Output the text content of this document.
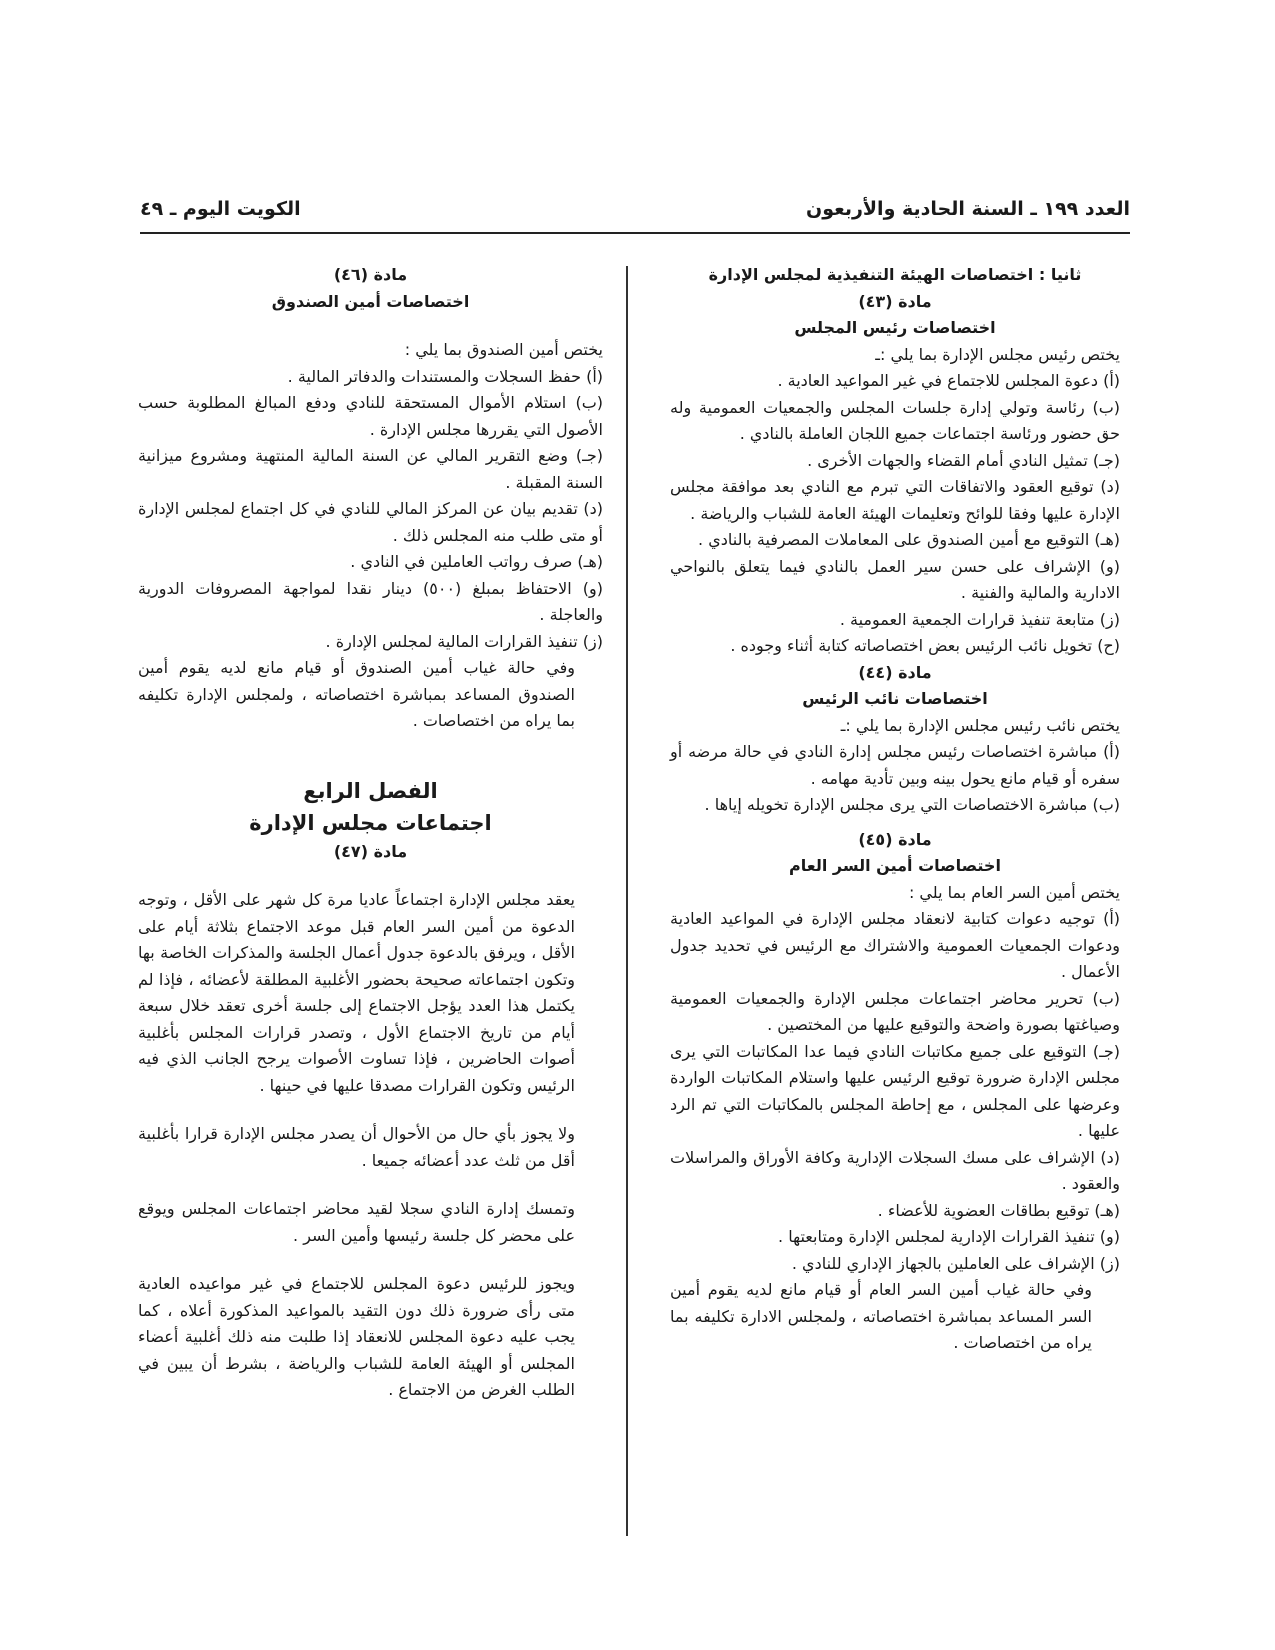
العدد ١٩٩ ـ السنة الحادية والأربعون
الكويت اليوم ـ ٤٩

ثانيا : اختصاصات الهيئة التنفيذية لمجلس الإدارة

مادة (٤٣)

اختصاصات رئيس المجلس

يختص رئيس مجلس الإدارة بما يلي :ـ

(أ) دعوة المجلس للاجتماع في غير المواعيد العادية .

(ب) رئاسة وتولي إدارة جلسات المجلس والجمعيات العمومية وله حق حضور ورئاسة اجتماعات جميع اللجان العاملة بالنادي .

(جـ) تمثيل النادي أمام القضاء والجهات الأخرى .

(د) توقيع العقود والاتفاقات التي تبرم مع النادي بعد موافقة مجلس الإدارة عليها وفقا للوائح وتعليمات الهيئة العامة للشباب والرياضة .

(هـ) التوقيع مع أمين الصندوق على المعاملات المصرفية بالنادي .

(و) الإشراف على حسن سير العمل بالنادي فيما يتعلق بالنواحي الادارية والمالية والفنية .

(ز) متابعة تنفيذ قرارات الجمعية العمومية .

(ح) تخويل نائب الرئيس بعض اختصاصاته كتابة أثناء وجوده .

مادة (٤٤)

اختصاصات نائب الرئيس

يختص نائب رئيس مجلس الإدارة بما يلي :ـ

(أ) مباشرة اختصاصات رئيس مجلس إدارة النادي في حالة مرضه أو سفره أو قيام مانع يحول بينه وبين تأدية مهامه .

(ب) مباشرة الاختصاصات التي يرى مجلس الإدارة تخويله إياها .

مادة (٤٥)

اختصاصات أمين السر العام

يختص أمين السر العام بما يلي :

(أ) توجيه دعوات كتابية لانعقاد مجلس الإدارة في المواعيد العادية ودعوات الجمعيات العمومية والاشتراك مع الرئيس في تحديد جدول الأعمال .

(ب) تحرير محاضر اجتماعات مجلس الإدارة والجمعيات العمومية وصياغتها بصورة واضحة والتوقيع عليها من المختصين .

(جـ) التوقيع على جميع مكاتبات النادي فيما عدا المكاتبات التي يرى مجلس الإدارة ضرورة توقيع الرئيس عليها واستلام المكاتبات الواردة وعرضها على المجلس ، مع إحاطة المجلس بالمكاتبات التي تم الرد عليها .

(د) الإشراف على مسك السجلات الإدارية وكافة الأوراق والمراسلات والعقود .

(هـ) توقيع بطاقات العضوية للأعضاء .

(و) تنفيذ القرارات الإدارية لمجلس الإدارة ومتابعتها .

(ز) الإشراف على العاملين بالجهاز الإداري للنادي .

وفي حالة غياب أمين السر العام أو قيام مانع لديه يقوم أمين السر المساعد بمباشرة اختصاصاته ، ولمجلس الادارة تكليفه بما يراه من اختصاصات .

مادة (٤٦)

اختصاصات أمين الصندوق

يختص أمين الصندوق بما يلي :

(أ) حفظ السجلات والمستندات والدفاتر المالية .

(ب) استلام الأموال المستحقة للنادي ودفع المبالغ المطلوبة حسب الأصول التي يقررها مجلس الإدارة .

(جـ) وضع التقرير المالي عن السنة المالية المنتهية ومشروع ميزانية السنة المقبلة .

(د) تقديم بيان عن المركز المالي للنادي في كل اجتماع لمجلس الإدارة أو متى طلب منه المجلس ذلك .

(هـ) صرف رواتب العاملين في النادي .

(و) الاحتفاظ بمبلغ (٥٠٠) دينار نقدا لمواجهة المصروفات الدورية والعاجلة .

(ز) تنفيذ القرارات المالية لمجلس الإدارة .

وفي حالة غياب أمين الصندوق أو قيام مانع لديه يقوم أمين الصندوق المساعد بمباشرة اختصاصاته ، ولمجلس الإدارة تكليفه بما يراه من اختصاصات .

الفصل الرابع

اجتماعات مجلس الإدارة

مادة (٤٧)

يعقد مجلس الإدارة اجتماعاً عاديا مرة كل شهر على الأقل ، وتوجه الدعوة من أمين السر العام قبل موعد الاجتماع بثلاثة أيام على الأقل ، ويرفق بالدعوة جدول أعمال الجلسة والمذكرات الخاصة بها وتكون اجتماعاته صحيحة بحضور الأغلبية المطلقة لأعضائه ، فإذا لم يكتمل هذا العدد يؤجل الاجتماع إلى جلسة أخرى تعقد خلال سبعة أيام من تاريخ الاجتماع الأول ، وتصدر قرارات المجلس بأغلبية أصوات الحاضرين ، فإذا تساوت الأصوات يرجح الجانب الذي فيه الرئيس وتكون القرارات مصدقا عليها في حينها .

ولا يجوز بأي حال من الأحوال أن يصدر مجلس الإدارة قرارا بأغلبية أقل من ثلث عدد أعضائه جميعا .

وتمسك إدارة النادي سجلا لقيد محاضر اجتماعات المجلس ويوقع على محضر كل جلسة رئيسها وأمين السر .

ويجوز للرئيس دعوة المجلس للاجتماع في غير مواعيده العادية متى رأى ضرورة ذلك دون التقيد بالمواعيد المذكورة أعلاه ، كما يجب عليه دعوة المجلس للانعقاد إذا طلبت منه ذلك أغلبية أعضاء المجلس أو الهيئة العامة للشباب والرياضة ، بشرط أن يبين في الطلب الغرض من الاجتماع .
